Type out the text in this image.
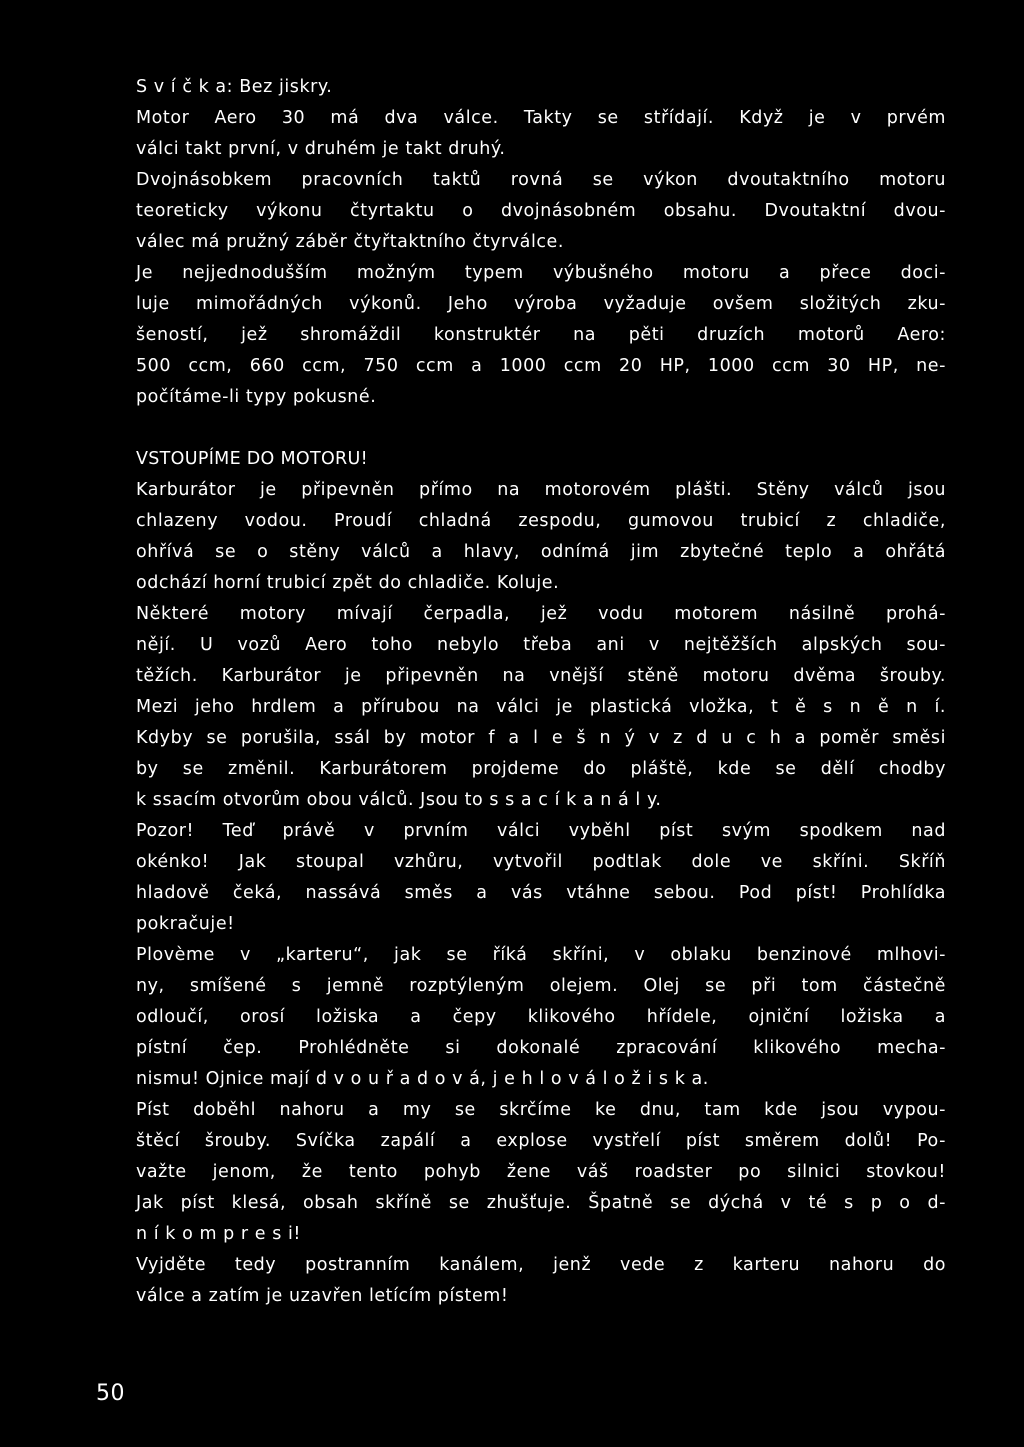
S v í č k a: Bez jiskry.
Motor Aero 30 má dva válce. Takty se střídají. Když je v prvém
válci takt první, v druhém je takt druhý.
Dvojnásobkem pracovních taktů rovná se výkon dvoutaktního motoru
teoreticky výkonu čtyrtaktu o dvojnásobném obsahu. Dvoutaktní dvou-
válec má pružný záběr čtyřtaktního čtyrválce.
Je nejjednodušším možným typem výbušného motoru a přece doci-
luje mimořádných výkonů. Jeho výroba vyžaduje ovšem složitých zku-
šeností, jež shromáždil konstruktér na pěti druzích motorů Aero:
500 ccm, 660 ccm, 750 ccm a 1000 ccm 20 HP, 1000 ccm 30 HP, ne-
počítáme-li typy pokusné.
VSTOUPÍME DO MOTORU!
Karburátor je připevněn přímo na motorovém plášti. Stěny válců jsou
chlazeny vodou. Proudí chladná zespodu, gumovou trubicí z chladiče,
ohřívá se o stěny válců a hlavy, odnímá jim zbytečné teplo a ohřátá
odchází horní trubicí zpět do chladiče. Koluje.
Některé motory mívají čerpadla, jež vodu motorem násilně prohá-
nějí. U vozů Aero toho nebylo třeba ani v nejtěžších alpských sou-
těžích. Karburátor je připevněn na vnější stěně motoru dvěma šrouby.
Mezi jeho hrdlem a přírubou na válci je plastická vložka, t ě s n ě n í.
Kdyby se porušila, ssál by motor f a l e š n ý v z d u c h a poměr směsi
by se změnil. Karburátorem projdeme do pláště, kde se dělí chodby
k ssacím otvorům obou válců. Jsou to s s a c í k a n á l y.
Pozor! Teď právě v prvním válci vyběhl píst svým spodkem nad
okénko! Jak stoupal vzhůru, vytvořil podtlak dole ve skříni. Skříň
hladově čeká, nassává směs a vás vtáhne sebou. Pod píst! Prohlídka
pokračuje!
Plovème v „karteru“, jak se říká skříni, v oblaku benzinové mlhovi-
ny, smíšené s jemně rozptýleným olejem. Olej se při tom částečně
odloučí, orosí ložiska a čepy klikového hřídele, ojniční ložiska a
pístní čep. Prohlédněte si dokonalé zpracování klikového mecha-
nismu! Ojnice mají d v o u ř a d o v á, j e h l o v á l o ž i s k a.
Píst doběhl nahoru a my se skrčíme ke dnu, tam kde jsou vypou-
štěcí šrouby. Svíčka zapálí a explose vystřelí píst směrem dolů! Po-
važte jenom, že tento pohyb žene váš roadster po silnici stovkou!
Jak píst klesá, obsah skříně se zhušťuje. Špatně se dýchá v té s p o d-
n í k o m p r e s i!
Vyjděte tedy postranním kanálem, jenž vede z karteru nahoru do
válce a zatím je uzavřen letícím pístem!
50
